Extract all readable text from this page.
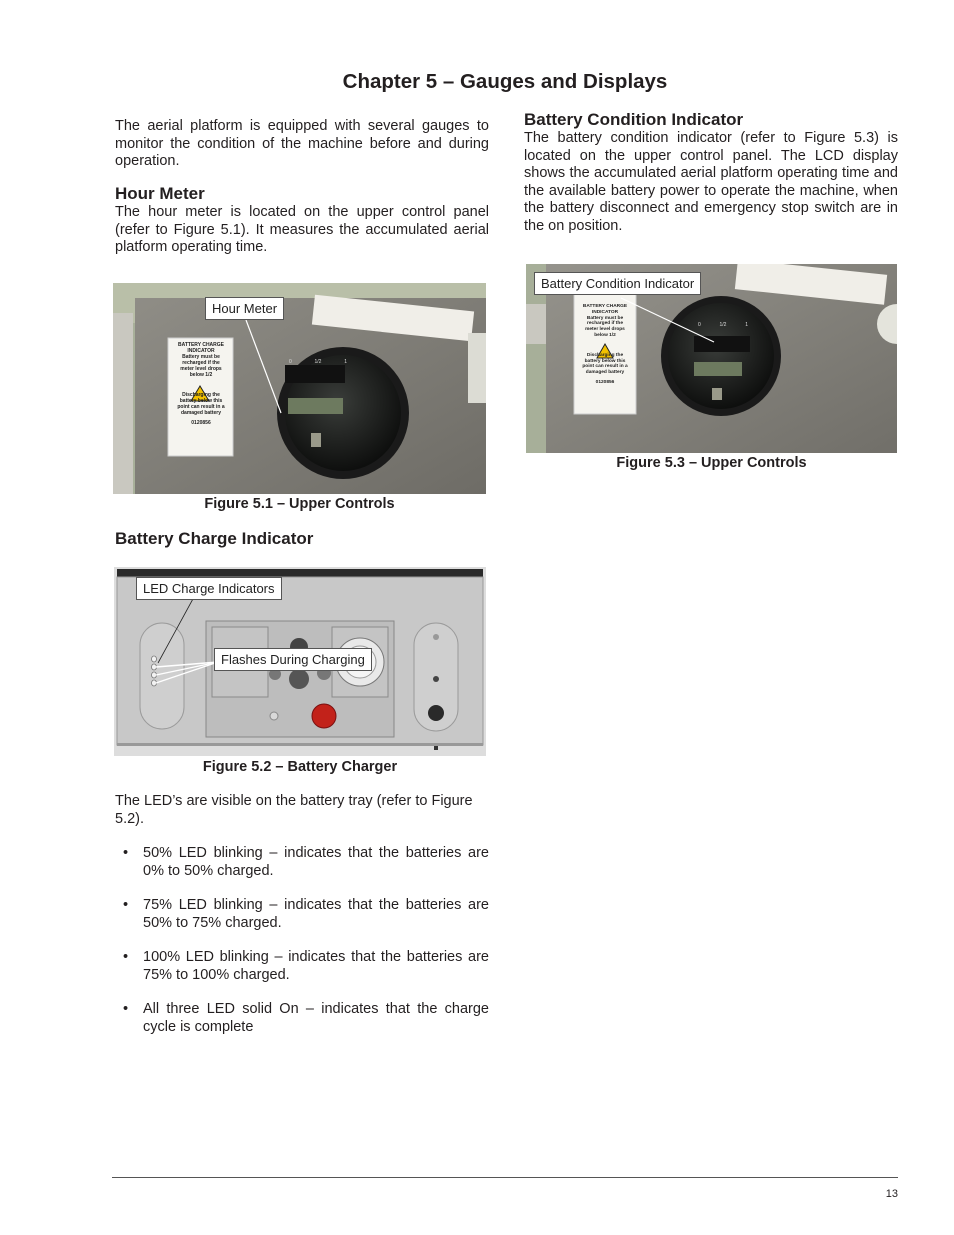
Chapter 5 – Gauges and Displays

The aerial platform is equipped with several gauges to monitor the condition of the machine before and during operation.

Hour Meter

The hour meter is located on the upper control panel (refer to Figure 5.1). It measures the accumulated aerial platform operating time.

BATTERY CHARGE
INDICATOR
Battery must be
recharged if the
meter level drops
below 1/2
Discharging the
battery below this
point can result in a
damaged battery
0120856
0	1/2	1
Hour Meter
Figure 5.1 – Upper Controls
Battery Charge Indicator
LED Charge Indicators
Flashes During Charging
Figure 5.2 – Battery Charger

The LED’s are visible on the battery tray (refer to Figure 5.2).

• 50% LED blinking – indicates that the batteries are 0% to 50% charged.
• 75% LED blinking – indicates that the batteries are 50% to 75% charged.
• 100% LED blinking – indicates that the batteries are 75% to 100% charged.
• All three LED solid On – indicates that the charge cycle is complete
Battery Condition Indicator

The battery condition indicator (refer to Figure 5.3) is located on the upper control panel. The LCD display shows the accumulated aerial platform operating time and the available battery power to operate the machine, when the battery disconnect and emergency stop switch are in the on position.

BATTERY CHARGE
INDICATOR
Battery must be
recharged if the
meter level drops
below 1/2
Discharging the
battery below this
point can result in a
damaged battery
0120856
0	1/2	1
Battery Condition Indicator
Figure 5.3 – Upper Controls
13
